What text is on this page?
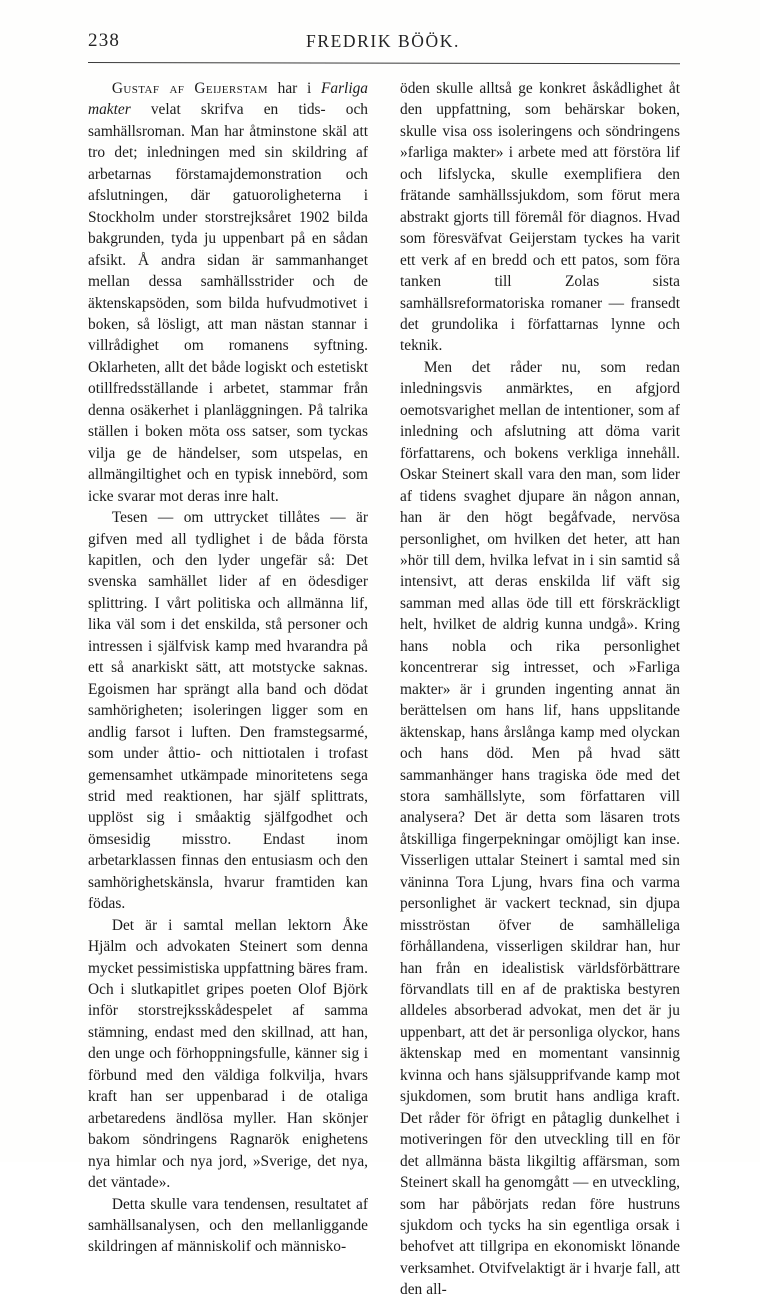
238	FREDRIK BÖÖK.

Gustaf af Geijerstam har i Farliga makter velat skrifva en tids- och samhällsroman. Man har åtminstone skäl att tro det; inledningen med sin skildring af arbetarnas förstamajdemonstration och afslutningen, där gatuoroligheterna i Stockholm under storstrejksåret 1902 bilda bakgrunden, tyda ju uppenbart på en sådan afsikt. Å andra sidan är sammanhanget mellan dessa samhällsstrider och de äktenskapsöden, som bilda hufvudmotivet i boken, så lösligt, att man nästan stannar i villrådighet om romanens syftning. Oklarheten, allt det både logiskt och estetiskt otillfredsställande i arbetet, stammar från denna osäkerhet i planläggningen. På talrika ställen i boken möta oss satser, som tyckas vilja ge de händelser, som utspelas, en allmängiltighet och en typisk innebörd, som icke svarar mot deras inre halt.

Tesen — om uttrycket tillåtes — är gifven med all tydlighet i de båda första kapitlen, och den lyder ungefär så: Det svenska samhället lider af en ödesdiger splittring. I vårt politiska och allmänna lif, lika väl som i det enskilda, stå personer och intressen i själfvisk kamp med hvarandra på ett så anarkiskt sätt, att motstycke saknas. Egoismen har sprängt alla band och dödat samhörigheten; isoleringen ligger som en andlig farsot i luften. Den framstegsarmé, som under åttio- och nittiotalen i trofast gemensamhet utkämpade minoritetens sega strid med reaktionen, har själf splittrats, upplöst sig i småaktig själfgodhet och ömsesidig misstro. Endast inom arbetarklassen finnas den entusiasm och den samhörighetskänsla, hvarur framtiden kan födas.

Det är i samtal mellan lektorn Åke Hjälm och advokaten Steinert som denna mycket pessimistiska uppfattning bäres fram. Och i slutkapitlet gripes poeten Olof Björk inför storstrejksskådespelet af samma stämning, endast med den skillnad, att han, den unge och förhoppningsfulle, känner sig i förbund med den väldiga folkvilja, hvars kraft han ser uppenbarad i de otaliga arbetaredens ändlösa myller. Han skönjer bakom söndringens Ragnarök enighetens nya himlar och nya jord, »Sverige, det nya, det väntade».

Detta skulle vara tendensen, resultatet af samhällsanalysen, och den mellanliggande skildringen af människolif och människo-

öden skulle alltså ge konkret åskådlighet åt den uppfattning, som behärskar boken, skulle visa oss isoleringens och söndringens »farliga makter» i arbete med att förstöra lif och lifslycka, skulle exemplifiera den frätande samhällssjukdom, som förut mera abstrakt gjorts till föremål för diagnos. Hvad som föresväfvat Geijerstam tyckes ha varit ett verk af en bredd och ett patos, som föra tanken till Zolas sista samhällsreformatoriska romaner — fransedt det grundolika i författarnas lynne och teknik.

Men det råder nu, som redan inledningsvis anmärktes, en afgjord oemotsvarighet mellan de intentioner, som af inledning och afslutning att döma varit författarens, och bokens verkliga innehåll. Oskar Steinert skall vara den man, som lider af tidens svaghet djupare än någon annan, han är den högt begåfvade, nervösa personlighet, om hvilken det heter, att han »hör till dem, hvilka lefvat in i sin samtid så intensivt, att deras enskilda lif väft sig samman med allas öde till ett förskräckligt helt, hvilket de aldrig kunna undgå». Kring hans nobla och rika personlighet koncentrerar sig intresset, och »Farliga makter» är i grunden ingenting annat än berättelsen om hans lif, hans uppslitande äktenskap, hans årslånga kamp med olyckan och hans död. Men på hvad sätt sammanhänger hans tragiska öde med det stora samhällslyte, som författaren vill analysera? Det är detta som läsaren trots åtskilliga fingerpekningar omöjligt kan inse. Visserligen uttalar Steinert i samtal med sin väninna Tora Ljung, hvars fina och varma personlighet är vackert tecknad, sin djupa misströstan öfver de samhälleliga förhållandena, visserligen skildrar han, hur han från en idealistisk världsförbättrare förvandlats till en af de praktiska bestyren alldeles absorberad advokat, men det är ju uppenbart, att det är personliga olyckor, hans äktenskap med en momentant vansinnig kvinna och hans själsupprifvande kamp mot sjukdomen, som brutit hans andliga kraft. Det råder för öfrigt en påtaglig dunkelhet i motiveringen för den utveckling till en för det allmänna bästa likgiltig affärsman, som Steinert skall ha genomgått — en utveckling, som har påbörjats redan före hustruns sjukdom och tycks ha sin egentliga orsak i behofvet att tillgripa en ekonomiskt lönande verksamhet. Otvifvelaktigt är i hvarje fall, att den all-
